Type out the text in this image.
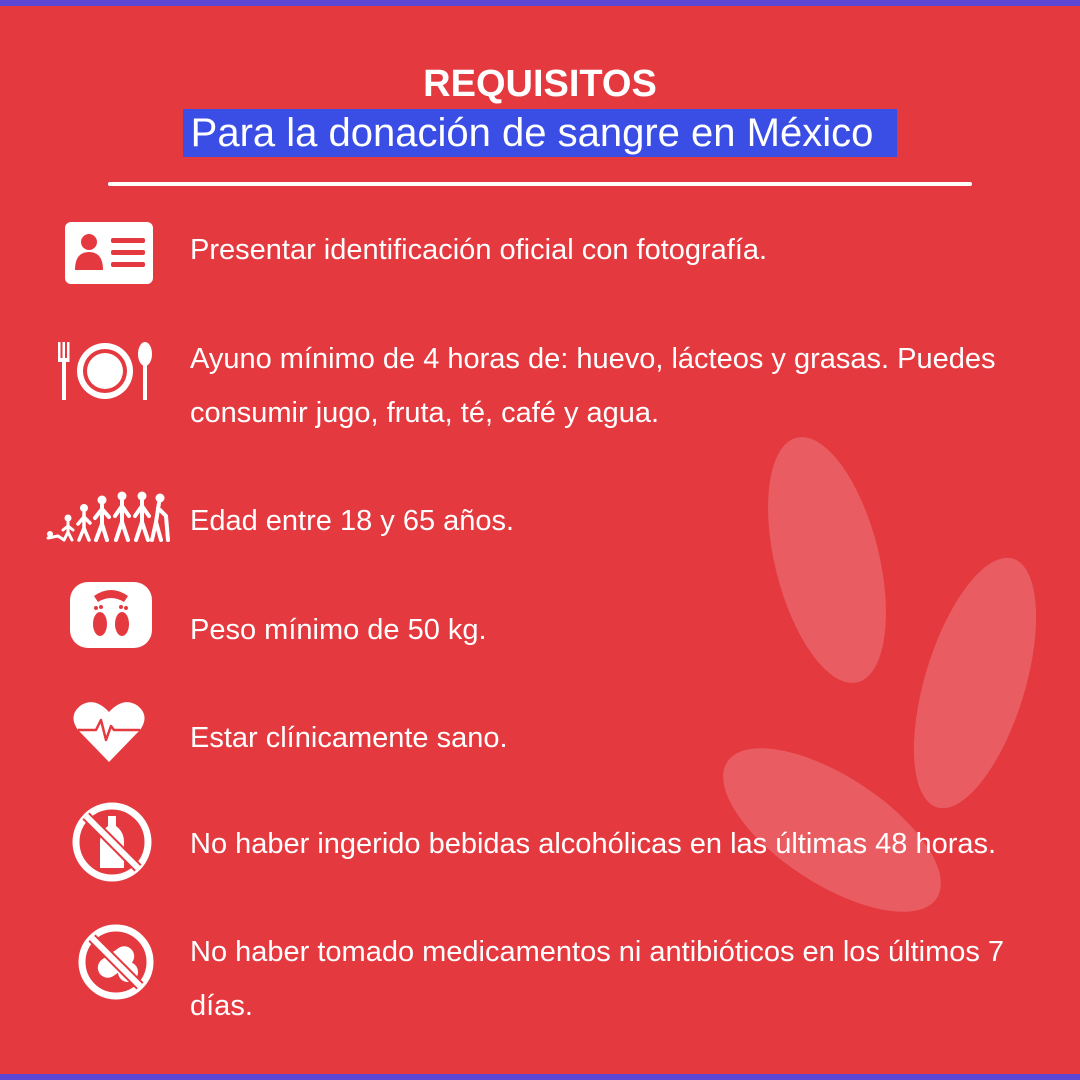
REQUISITOS
Para la donación de sangre en México
Presentar identificación oficial con fotografía.
Ayuno mínimo de 4 horas de: huevo, lácteos y grasas. Puedes consumir jugo, fruta, té, café y agua.
Edad entre 18 y 65 años.
Peso mínimo de 50 kg.
Estar clínicamente sano.
No haber ingerido bebidas alcohólicas en las últimas 48 horas.
No haber tomado medicamentos ni antibióticos en los últimos 7 días.
